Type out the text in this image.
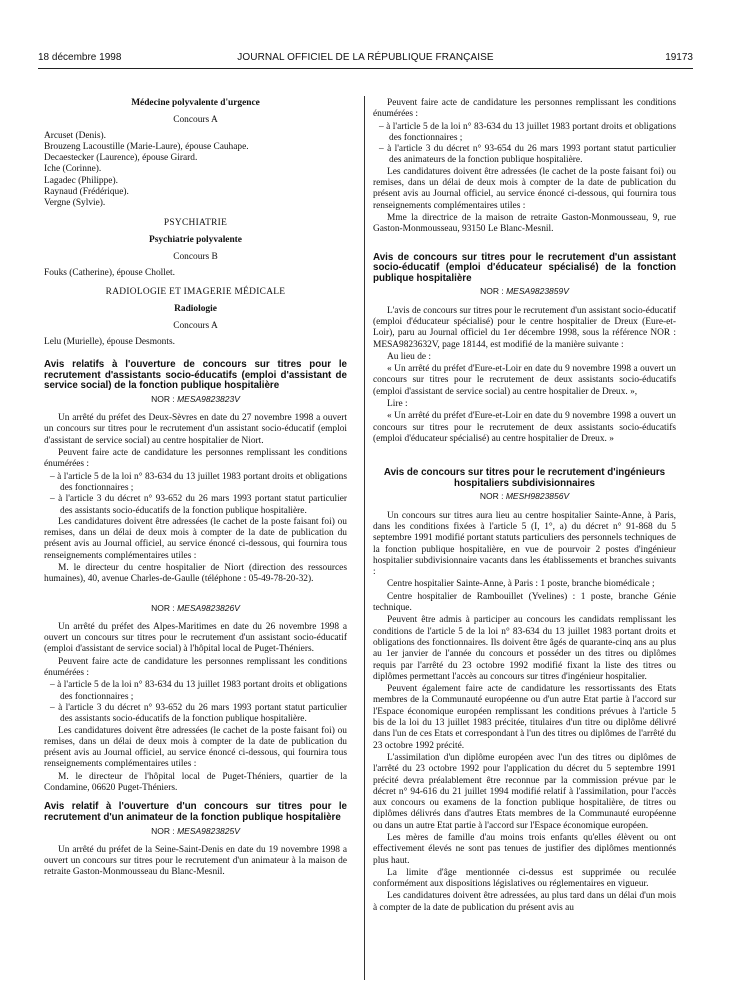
18 décembre 1998	JOURNAL OFFICIEL DE LA RÉPUBLIQUE FRANÇAISE	19173
Médecine polyvalente d'urgence
Concours A
Arcuset (Denis).
Brouzeng Lacoustille (Marie-Laure), épouse Cauhape.
Decaestecker (Laurence), épouse Girard.
Iche (Corinne).
Lagadec (Philippe).
Raynaud (Frédérique).
Vergne (Sylvie).
PSYCHIATRIE
Psychiatrie polyvalente
Concours B
Fouks (Catherine), épouse Chollet.
RADIOLOGIE ET IMAGERIE MÉDICALE
Radiologie
Concours A
Lelu (Murielle), épouse Desmonts.
Avis relatifs à l'ouverture de concours sur titres pour le recrutement d'assistants socio-éducatifs (emploi d'assistant de service social) de la fonction publique hospitalière
NOR : MESA9823823V

Un arrêté du préfet des Deux-Sèvres en date du 27 novembre 1998 a ouvert un concours sur titres pour le recrutement d'un assistant socio-éducatif (emploi d'assistant de service social) au centre hospitalier de Niort.

Peuvent faire acte de candidature les personnes remplissant les conditions énumérées :

– à l'article 5 de la loi n° 83-634 du 13 juillet 1983 portant droits et obligations des fonctionnaires ;

– à l'article 3 du décret n° 93-652 du 26 mars 1993 portant statut particulier des assistants socio-éducatifs de la fonction publique hospitalière.

Les candidatures doivent être adressées (le cachet de la poste faisant foi) ou remises, dans un délai de deux mois à compter de la date de publication du présent avis au Journal officiel, au service énoncé ci-dessous, qui fournira tous renseignements complémentaires utiles :

M. le directeur du centre hospitalier de Niort (direction des ressources humaines), 40, avenue Charles-de-Gaulle (téléphone : 05-49-78-20-32).

NOR : MESA9823826V

Un arrêté du préfet des Alpes-Maritimes en date du 26 novembre 1998 a ouvert un concours sur titres pour le recrutement d'un assistant socio-éducatif (emploi d'assistant de service social) à l'hôpital local de Puget-Théniers.

Peuvent faire acte de candidature les personnes remplissant les conditions énumérées :

– à l'article 5 de la loi n° 83-634 du 13 juillet 1983 portant droits et obligations des fonctionnaires ;

– à l'article 3 du décret n° 93-652 du 26 mars 1993 portant statut particulier des assistants socio-éducatifs de la fonction publique hospitalière.

Les candidatures doivent être adressées (le cachet de la poste faisant foi) ou remises, dans un délai de deux mois à compter de la date de publication du présent avis au Journal officiel, au service énoncé ci-dessous, qui fournira tous renseignements complémentaires utiles :

M. le directeur de l'hôpital local de Puget-Théniers, quartier de la Condamine, 06620 Puget-Théniers.

Avis relatif à l'ouverture d'un concours sur titres pour le recrutement d'un animateur de la fonction publique hospitalière
NOR : MESA9823825V

Un arrêté du préfet de la Seine-Saint-Denis en date du 19 novembre 1998 a ouvert un concours sur titres pour le recrutement d'un animateur à la maison de retraite Gaston-Monmousseau du Blanc-Mesnil.

Peuvent faire acte de candidature les personnes remplissant les conditions énumérées :

– à l'article 5 de la loi n° 83-634 du 13 juillet 1983 portant droits et obligations des fonctionnaires ;

– à l'article 3 du décret n° 93-654 du 26 mars 1993 portant statut particulier des animateurs de la fonction publique hospitalière.

Les candidatures doivent être adressées (le cachet de la poste faisant foi) ou remises, dans un délai de deux mois à compter de la date de publication du présent avis au Journal officiel, au service énoncé ci-dessous, qui fournira tous renseignements complémentaires utiles :

Mme la directrice de la maison de retraite Gaston-Monmousseau, 9, rue Gaston-Monmousseau, 93150 Le Blanc-Mesnil.

Avis de concours sur titres pour le recrutement d'un assistant socio-éducatif (emploi d'éducateur spécialisé) de la fonction publique hospitalière
NOR : MESA9823859V

L'avis de concours sur titres pour le recrutement d'un assistant socio-éducatif (emploi d'éducateur spécialisé) pour le centre hospitalier de Dreux (Eure-et-Loir), paru au Journal officiel du 1er décembre 1998, sous la référence NOR : MESA9823632V, page 18144, est modifié de la manière suivante :

Au lieu de :

« Un arrêté du préfet d'Eure-et-Loir en date du 9 novembre 1998 a ouvert un concours sur titres pour le recrutement de deux assistants socio-éducatifs (emploi d'assistant de service social) au centre hospitalier de Dreux. »,

Lire :

« Un arrêté du préfet d'Eure-et-Loir en date du 9 novembre 1998 a ouvert un concours sur titres pour le recrutement de deux assistants socio-éducatifs (emploi d'éducateur spécialisé) au centre hospitalier de Dreux. »

Avis de concours sur titres pour le recrutement d'ingénieurs hospitaliers subdivisionnaires
NOR : MESH9823856V

Un concours sur titres aura lieu au centre hospitalier Sainte-Anne, à Paris, dans les conditions fixées à l'article 5 (I, 1°, a) du décret n° 91-868 du 5 septembre 1991 modifié portant statuts particuliers des personnels techniques de la fonction publique hospitalière, en vue de pourvoir 2 postes d'ingénieur hospitalier subdivisionnaire vacants dans les établissements et branches suivants :

Centre hospitalier Sainte-Anne, à Paris : 1 poste, branche biomédicale ;

Centre hospitalier de Rambouillet (Yvelines) : 1 poste, branche Génie technique.

Peuvent être admis à participer au concours les candidats remplissant les conditions de l'article 5 de la loi n° 83-634 du 13 juillet 1983 portant droits et obligations des fonctionnaires. Ils doivent être âgés de quarante-cinq ans au plus au 1er janvier de l'année du concours et posséder un des titres ou diplômes requis par l'arrêté du 23 octobre 1992 modifié fixant la liste des titres ou diplômes permettant l'accès au concours sur titres d'ingénieur hospitalier.

Peuvent également faire acte de candidature les ressortissants des Etats membres de la Communauté européenne ou d'un autre Etat partie à l'accord sur l'Espace économique européen remplissant les conditions prévues à l'article 5 bis de la loi du 13 juillet 1983 précitée, titulaires d'un titre ou diplôme délivré dans l'un de ces Etats et correspondant à l'un des titres ou diplômes de l'arrêté du 23 octobre 1992 précité.

L'assimilation d'un diplôme européen avec l'un des titres ou diplômes de l'arrêté du 23 octobre 1992 pour l'application du décret du 5 septembre 1991 précité devra préalablement être reconnue par la commission prévue par le décret n° 94-616 du 21 juillet 1994 modifié relatif à l'assimilation, pour l'accès aux concours ou examens de la fonction publique hospitalière, de titres ou diplômes délivrés dans d'autres Etats membres de la Communauté européenne ou dans un autre Etat partie à l'accord sur l'Espace économique européen.

Les mères de famille d'au moins trois enfants qu'elles élèvent ou ont effectivement élevés ne sont pas tenues de justifier des diplômes mentionnés plus haut.

La limite d'âge mentionnée ci-dessus est supprimée ou reculée conformément aux dispositions législatives ou réglementaires en vigueur.

Les candidatures doivent être adressées, au plus tard dans un délai d'un mois à compter de la date de publication du présent avis au
